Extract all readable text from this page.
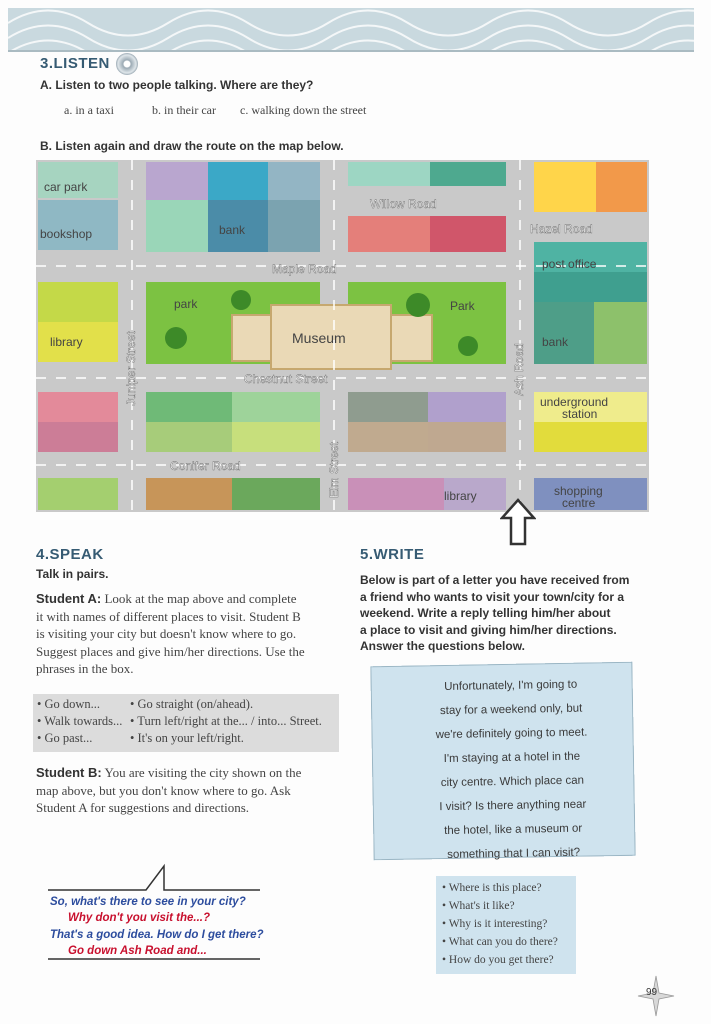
3.LISTEN
A. Listen to two people talking. Where are they?
a. in a taxi	b. in their car c. walking down the street
B. Listen again and draw the route on the map below.
car park
bookshop	bank
Willow Road
Hazel Road
post office
Maple Road
park	Park
Museum
library	Juniper Street	Ash Road
bank
Chestnut Street
underground
station
Conifer Road	Elm Street	library	shopping
centre
4.SPEAK
Talk in pairs.
Student A: Look at the map above and complete
it with names of different places to visit. Student B
is visiting your city but doesn't know where to go.
Suggest places and give him/her directions. Use the
phrases in the box.
• Go down...
• Walk towards...
• Go past...
• Go straight (on/ahead).
• Turn left/right at the... / into... Street.
• It's on your left/right.
Student B: You are visiting the city shown on the
map above, but you don't know where to go. Ask
Student A for suggestions and directions.
So, what's there to see in your city?
Why don't you visit the...?
That's a good idea. How do I get there?
Go down Ash Road and...
5.WRITE
Below is part of a letter you have received from
a friend who wants to visit your town/city for a
weekend. Write a reply telling him/her about
a place to visit and giving him/her directions.
Answer the questions below.
Unfortunately, I'm going to
stay for a weekend only, but
we're definitely going to meet.
I'm staying at a hotel in the
city centre. Which place can
I visit? Is there anything near
the hotel, like a museum or
something that I can visit?
• Where is this place?
• What's it like?
• Why is it interesting?
• What can you do there?
• How do you get there?
99
